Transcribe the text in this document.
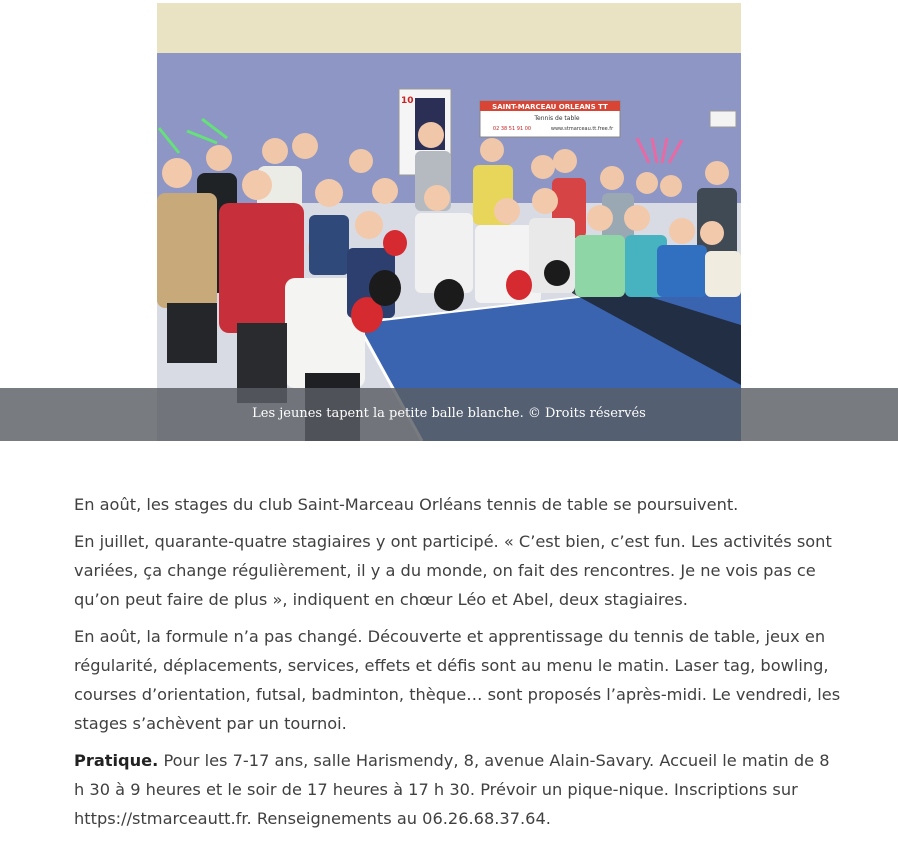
10
SAINT-MARCEAU ORLEANS TT
Tennis de table
02 38 51 91 00	www.stmarceau.tt.free.fr
Les jeunes tapent la petite balle blanche. © Droits réservés

En août, les stages du club Saint-Marceau Orléans tennis de table se poursuivent.

En juillet, quarante-quatre stagiaires y ont participé. « C’est bien, c’est fun. Les activités sont variées, ça change régulièrement, il y a du monde, on fait des rencontres. Je ne vois pas ce qu’on peut faire de plus », indiquent en chœur Léo et Abel, deux stagiaires.

En août, la formule n’a pas changé. Découverte et apprentissage du tennis de table, jeux en régularité, déplacements, services, effets et défis sont au menu le matin. Laser tag, bowling, courses d’orientation, futsal, badminton, thèque… sont proposés l’après-midi. Le vendredi, les stages s’achèvent par un tournoi.

Pratique. Pour les 7-17 ans, salle Harismendy, 8, avenue Alain-Savary. Accueil le matin de 8 h 30 à 9 heures et le soir de 17 heures à 17 h 30. Prévoir un pique-nique. Inscriptions sur https://stmarceautt.fr. Renseignements au 06.26.68.37.64.
